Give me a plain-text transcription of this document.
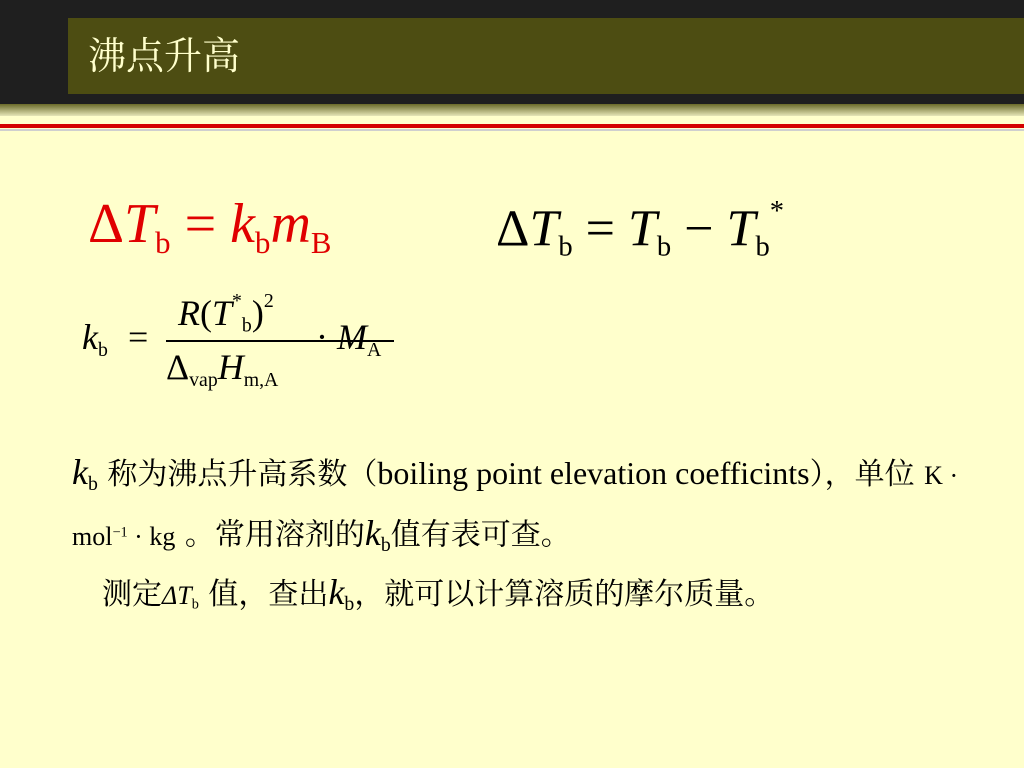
沸点升高
$\Delta T_b = k_bm_B$	$\Delta T_b = T_b - T_b^*$
$k_b$ =
$R(T^*_b)^2$
$\Delta_{vap}H_{m,A}$
· $M_A$
kb 称为沸点升高系数（boiling point elevation coefficints），单位 K · mol$^{-1}$ · kg 。常用溶剂的kb值有表可查。
　测定ΔTb 值，查出kb，就可以计算溶质的摩尔质量。
